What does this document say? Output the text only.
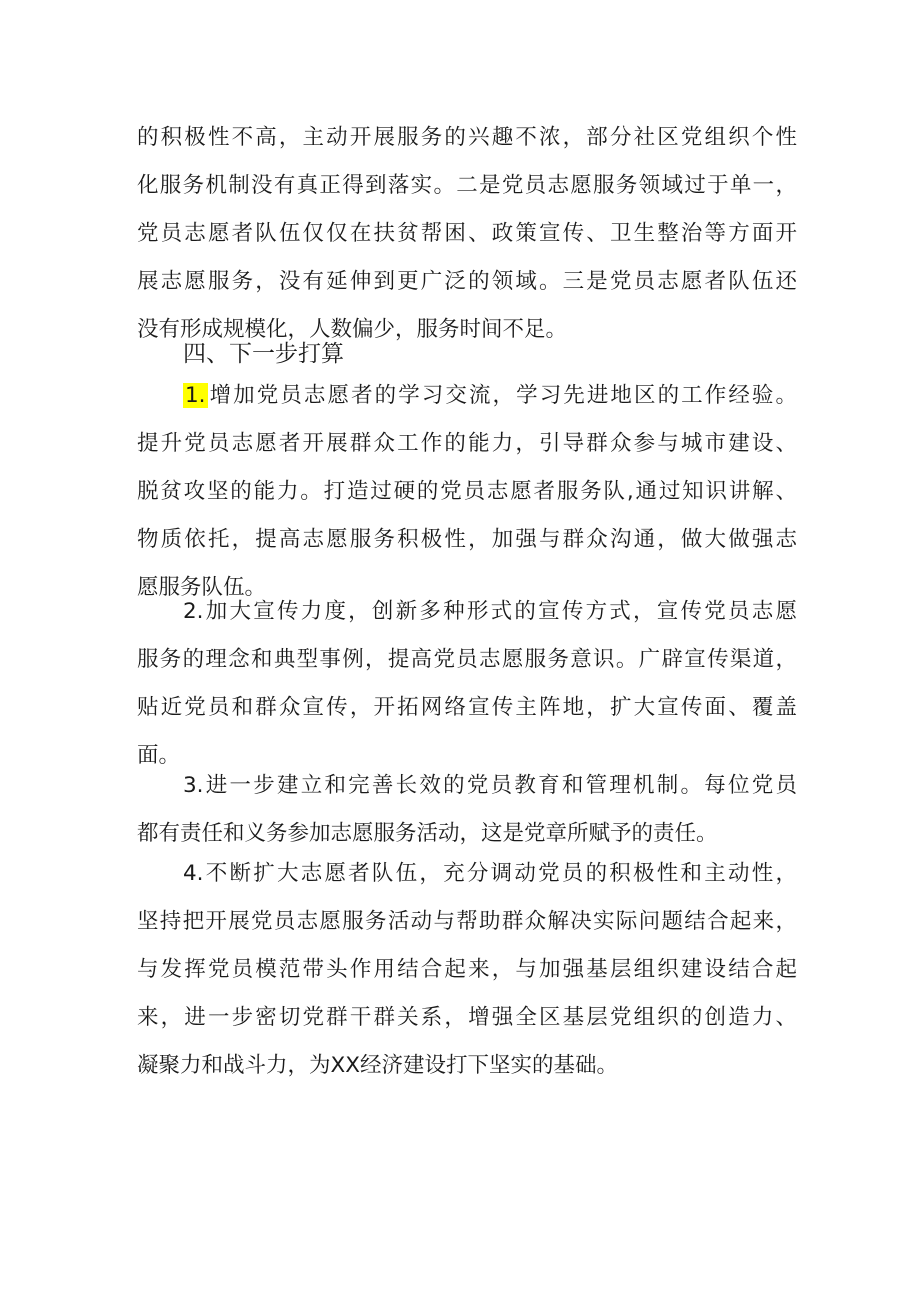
的积极性不高，主动开展服务的兴趣不浓，部分社区党组织个性
化服务机制没有真正得到落实。二是党员志愿服务领域过于单一，
党员志愿者队伍仅仅在扶贫帮困、政策宣传、卫生整治等方面开
展志愿服务，没有延伸到更广泛的领域。三是党员志愿者队伍还
没有形成规模化，人数偏少，服务时间不足。
四、下一步打算
1.增加党员志愿者的学习交流，学习先进地区的工作经验。
提升党员志愿者开展群众工作的能力，引导群众参与城市建设、
脱贫攻坚的能力。打造过硬的党员志愿者服务队,通过知识讲解、
物质依托，提高志愿服务积极性，加强与群众沟通，做大做强志
愿服务队伍。
2.加大宣传力度，创新多种形式的宣传方式，宣传党员志愿
服务的理念和典型事例，提高党员志愿服务意识。广辟宣传渠道，
贴近党员和群众宣传，开拓网络宣传主阵地，扩大宣传面、覆盖
面。
3.进一步建立和完善长效的党员教育和管理机制。每位党员
都有责任和义务参加志愿服务活动，这是党章所赋予的责任。
4.不断扩大志愿者队伍，充分调动党员的积极性和主动性，
坚持把开展党员志愿服务活动与帮助群众解决实际问题结合起来，
与发挥党员模范带头作用结合起来，与加强基层组织建设结合起
来，进一步密切党群干群关系，增强全区基层党组织的创造力、
凝聚力和战斗力，为XX经济建设打下坚实的基础。
